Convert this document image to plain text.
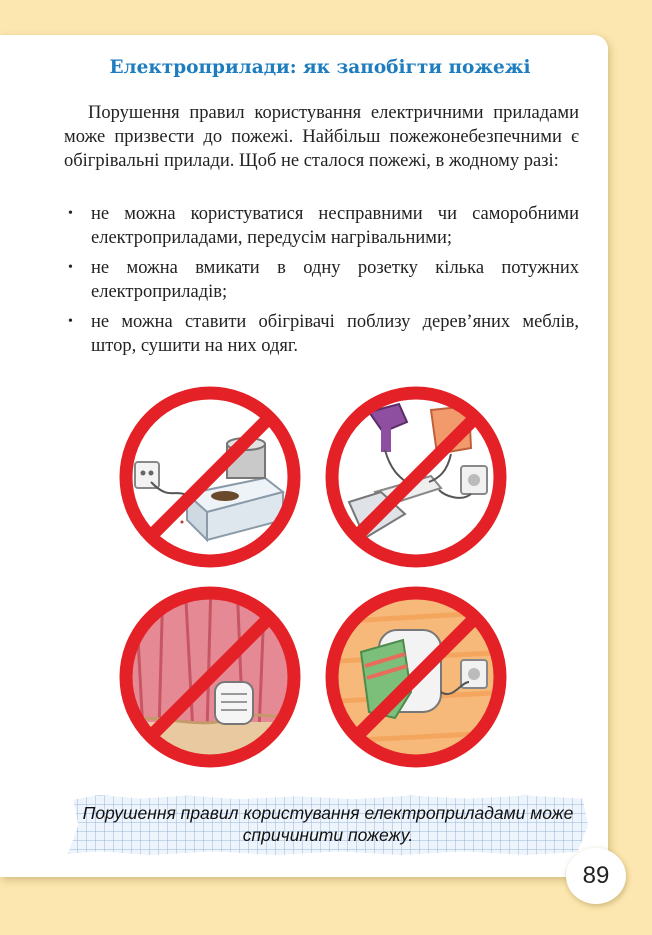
Електроприлади: як запобігти пожежі
Порушення правил користування електричними приладами може призвести до пожежі. Найбільш пожежонебезпечними є обігрівальні прилади. Щоб не сталося пожежі, в жодному разі:
• не можна користуватися несправними чи саморобними електроприладами, передусім нагрівальними;
• не можна вмикати в одну розетку кілька потужних електроприладів;
• не можна ставити обігрівачі поблизу дерев’яних меблів, штор, сушити на них одяг.
Порушення правил користування електроприладами може спричинити пожежу.
89
